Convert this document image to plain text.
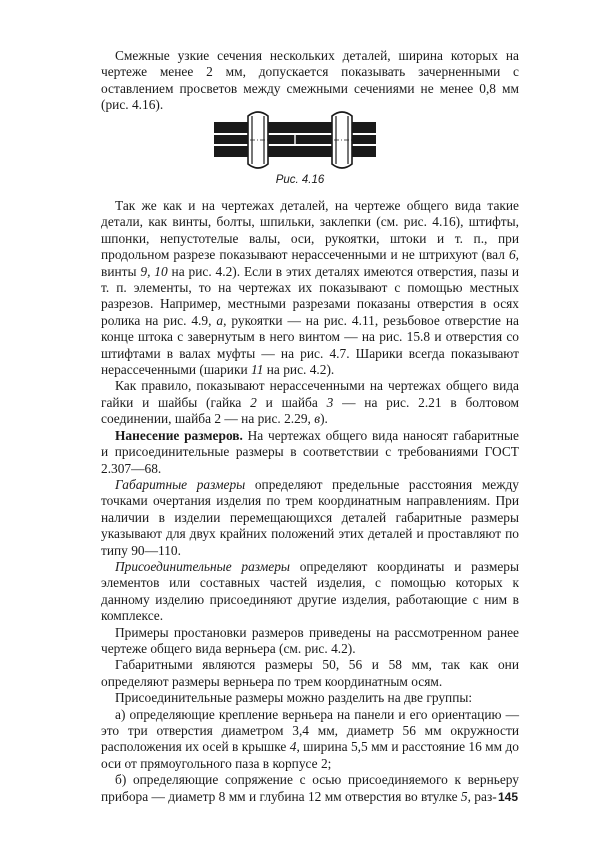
Смежные узкие сечения нескольких деталей, ширина которых на чертеже менее 2 мм, допускается показывать зачерненными с оставлением просветов между смежными сечениями не менее 0,8 мм (рис. 4.16).

Рис. 4.16

Так же как и на чертежах деталей, на чертеже общего вида такие детали, как винты, болты, шпильки, заклепки (см. рис. 4.16), штифты, шпонки, непустотелые валы, оси, рукоятки, штоки и т. п., при продольном разрезе показывают нерассеченными и не штрихуют (вал 6, винты 9, 10 на рис. 4.2). Если в этих деталях имеются отверстия, пазы и т. п. элементы, то на чертежах их показывают с помощью местных разрезов. Например, местными разрезами показаны отверстия в осях ролика на рис. 4.9, а, рукоятки — на рис. 4.11, резьбовое отверстие на конце штока с завернутым в него винтом — на рис. 15.8 и отверстия со штифтами в валах муфты — на рис. 4.7. Шарики всегда показывают нерассеченными (шарики 11 на рис. 4.2).

Как правило, показывают нерассеченными на чертежах общего вида гайки и шайбы (гайка 2 и шайба 3 — на рис. 2.21 в болтовом соединении, шайба 2 — на рис. 2.29, в).

Нанесение размеров. На чертежах общего вида наносят габаритные и присоединительные размеры в соответствии с требованиями ГОСТ 2.307—68.

Габаритные размеры определяют предельные расстояния между точками очертания изделия по трем координатным направлениям. При наличии в изделии перемещающихся деталей габаритные размеры указывают для двух крайних положений этих деталей и проставляют по типу 90—110.

Присоединительные размеры определяют координаты и размеры элементов или составных частей изделия, с помощью которых к данному изделию присоединяют другие изделия, работающие с ним в комплексе.

Примеры простановки размеров приведены на рассмотренном ранее чертеже общего вида верньера (см. рис. 4.2).

Габаритными являются размеры 50, 56 и 58 мм, так как они определяют размеры верньера по трем координатным осям.

Присоединительные размеры можно разделить на две группы:

а) определяющие крепление верньера на панели и его ориентацию — это три отверстия диаметром 3,4 мм, диаметр 56 мм окружности расположения их осей в крышке 4, ширина 5,5 мм и расстояние 16 мм до оси от прямоугольного паза в корпусе 2;

б) определяющие сопряжение с осью присоединяемого к верньеру прибора — диаметр 8 мм и глубина 12 мм отверстия во втулке 5, раз- 145
